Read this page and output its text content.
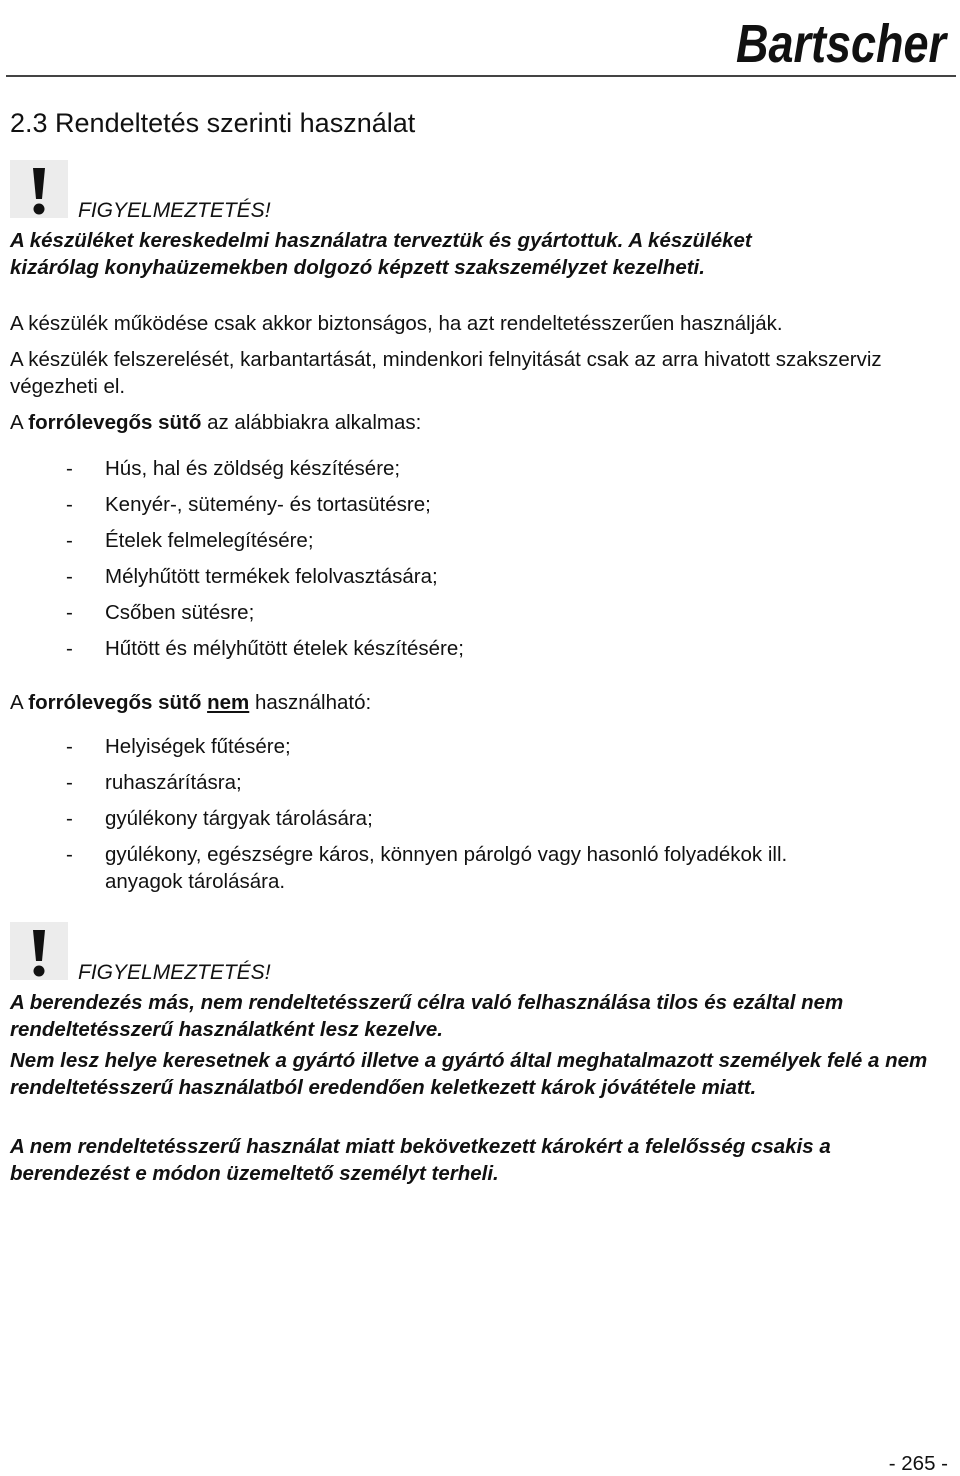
Bartscher
2.3 Rendeltetés szerinti használat
FIGYELMEZTETÉS!

A készüléket kereskedelmi használatra terveztük és gyártottuk. A készüléket
kizárólag konyhaüzemekben dolgozó képzett szakszemélyzet kezelheti.

A készülék működése csak akkor biztonságos, ha azt rendeltetésszerűen használják.

A készülék felszerelését, karbantartását, mindenkori felnyitását csak az arra hivatott szakszerviz végezheti el.

A forrólevegős sütő az alábbiakra alkalmas:

- Hús, hal és zöldség készítésére;
- Kenyér-, sütemény- és tortasütésre;
- Ételek felmelegítésére;
- Mélyhűtött termékek felolvasztására;
- Csőben sütésre;
- Hűtött és mélyhűtött ételek készítésére;

A forrólevegős sütő nem használható:

- Helyiségek fűtésére;
- ruhaszárításra;
- gyúlékony tárgyak tárolására;
- gyúlékony, egészségre káros, könnyen párolgó vagy hasonló folyadékok ill. anyagok tárolására.
FIGYELMEZTETÉS!

A berendezés más, nem rendeltetésszerű célra való felhasználása tilos és ezáltal nem rendeltetésszerű használatként lesz kezelve.

Nem lesz helye keresetnek a gyártó illetve a gyártó által meghatalmazott személyek felé a nem rendeltetésszerű használatból eredendően keletkezett károk jóvátétele miatt.

A nem rendeltetésszerű használat miatt bekövetkezett károkért a felelősség csakis a berendezést e módon üzemeltető személyt terheli.

- 265 -
